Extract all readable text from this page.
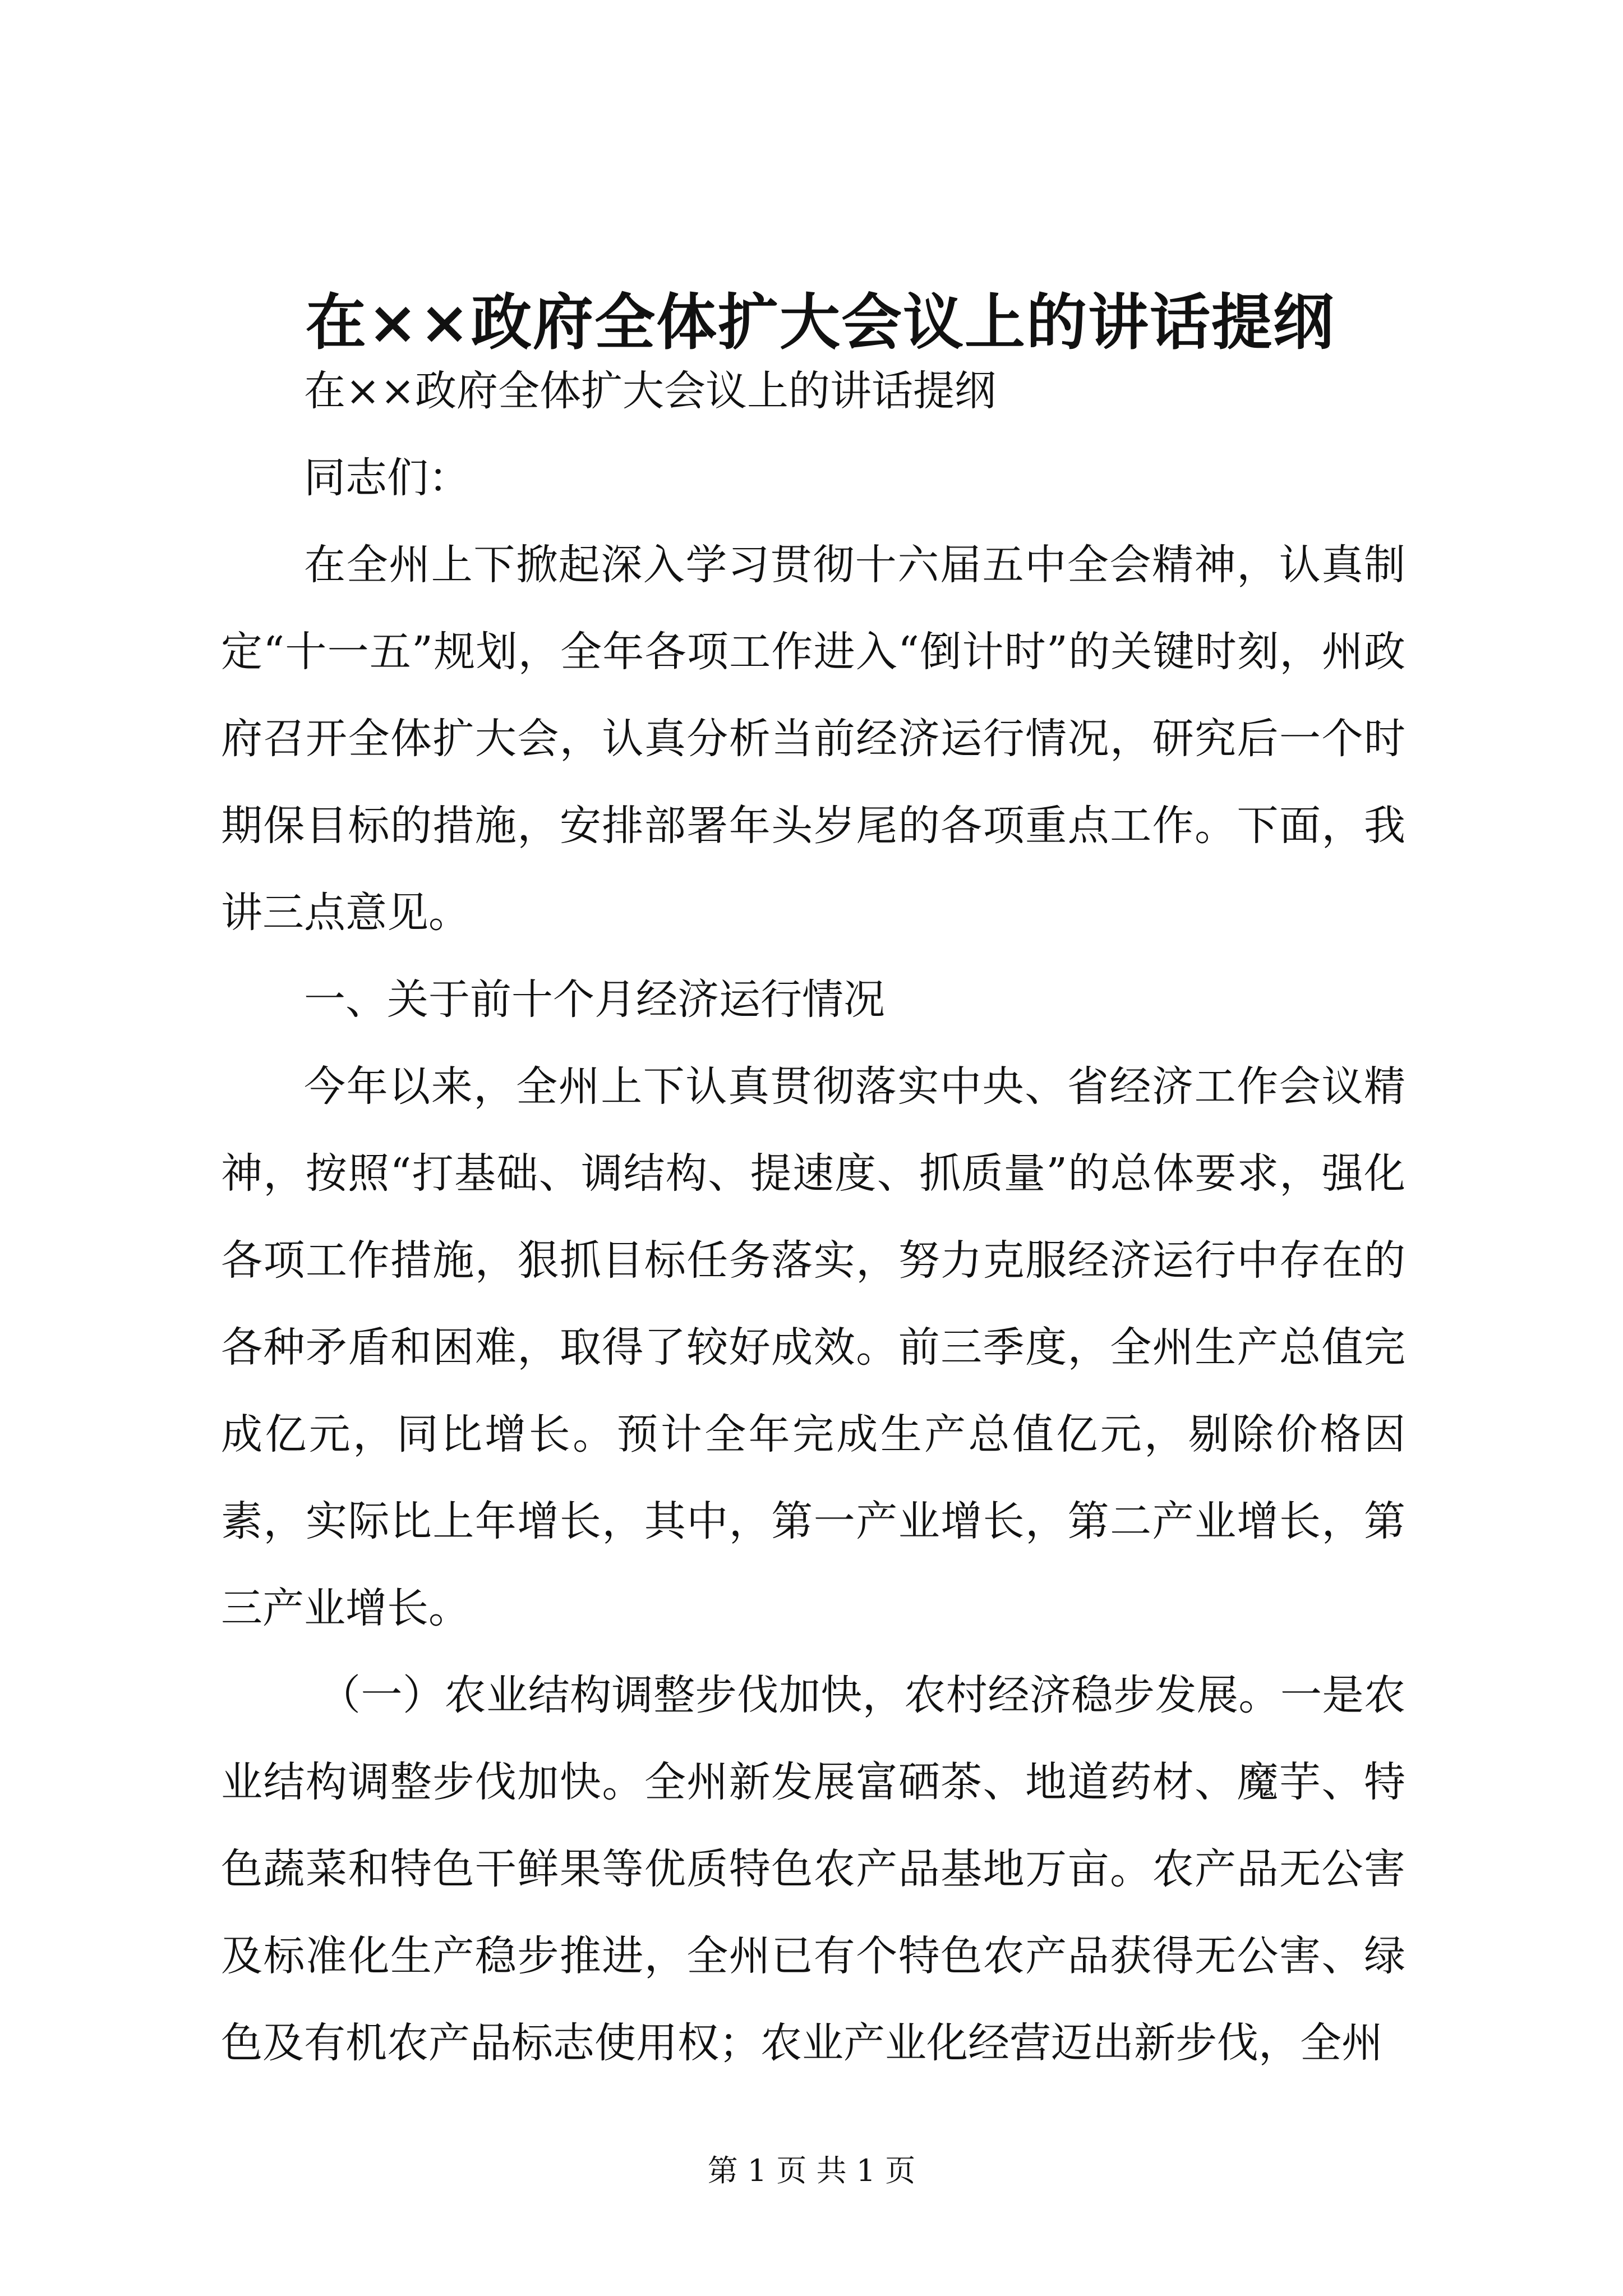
在××政府全体扩大会议上的讲话提纲

在××政府全体扩大会议上的讲话提纲

同志们：

在全州上下掀起深入学习贯彻十六届五中全会精神，认真制定“十一五”规划，全年各项工作进入“倒计时”的关键时刻，州政府召开全体扩大会，认真分析当前经济运行情况，研究后一个时期保目标的措施，安排部署年头岁尾的各项重点工作。下面，我讲三点意见。

一、关于前十个月经济运行情况

今年以来，全州上下认真贯彻落实中央、省经济工作会议精神，按照“打基础、调结构、提速度、抓质量”的总体要求，强化各项工作措施，狠抓目标任务落实，努力克服经济运行中存在的各种矛盾和困难，取得了较好成效。前三季度，全州生产总值完成亿元，同比增长。预计全年完成生产总值亿元，剔除价格因素，实际比上年增长，其中，第一产业增长，第二产业增长，第三产业增长。

（一）农业结构调整步伐加快，农村经济稳步发展。一是农业结构调整步伐加快。全州新发展富硒茶、地道药材、魔芋、特色蔬菜和特色干鲜果等优质特色农产品基地万亩。农产品无公害及标准化生产稳步推进，全州已有个特色农产品获得无公害、绿色及有机农产品标志使用权；农业产业化经营迈出新步伐，全州

第 1 页 共 1 页
